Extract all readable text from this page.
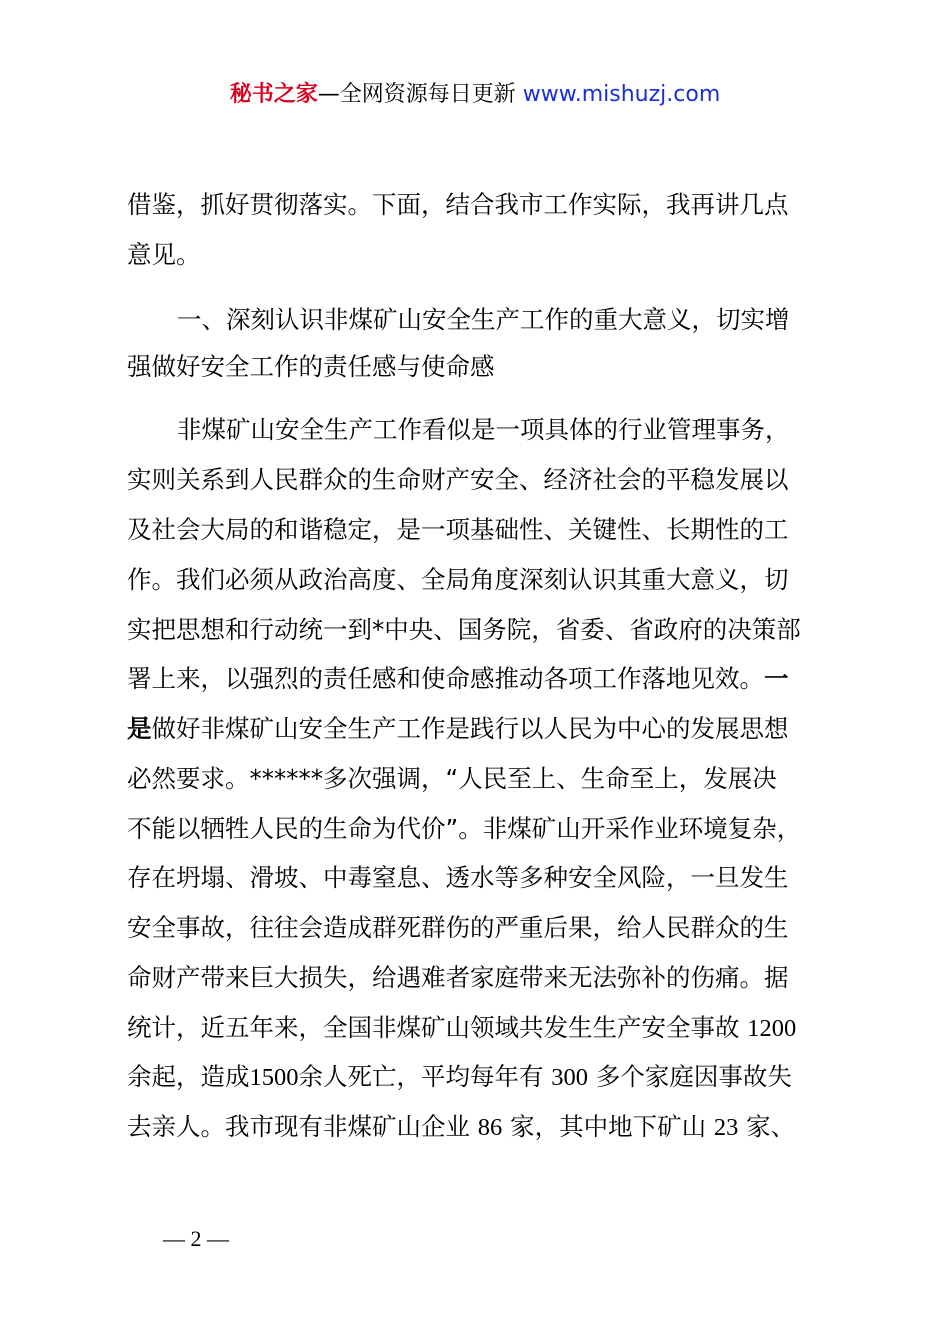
秘书之家—全网资源每日更新 www.mishuzj.com
借鉴，抓好贯彻落实。下面，结合我市工作实际，我再讲几点
意见。
一、深刻认识非煤矿山安全生产工作的重大意义，切实增
强做好安全工作的责任感与使命感
非煤矿山安全生产工作看似是一项具体的行业管理事务，
实则关系到人民群众的生命财产安全、经济社会的平稳发展以
及社会大局的和谐稳定，是一项基础性、关键性、长期性的工
作。我们必须从政治高度、全局角度深刻认识其重大意义，切
实把思想和行动统一到*中央、国务院，省委、省政府的决策部
署上来，以强烈的责任感和使命感推动各项工作落地见效。一
是做好非煤矿山安全生产工作是践行以人民为中心的发展思想
必然要求。******多次强调，“人民至上、生命至上，发展决
不能以牺牲人民的生命为代价”。非煤矿山开采作业环境复杂，
存在坍塌、滑坡、中毒窒息、透水等多种安全风险，一旦发生
安全事故，往往会造成群死群伤的严重后果，给人民群众的生
命财产带来巨大损失，给遇难者家庭带来无法弥补的伤痛。据
统计，近五年来，全国非煤矿山领域共发生生产安全事故 1200
余起，造成1500余人死亡，平均每年有 300 多个家庭因事故失
去亲人。我市现有非煤矿山企业 86 家，其中地下矿山 23 家、
— 2 —
